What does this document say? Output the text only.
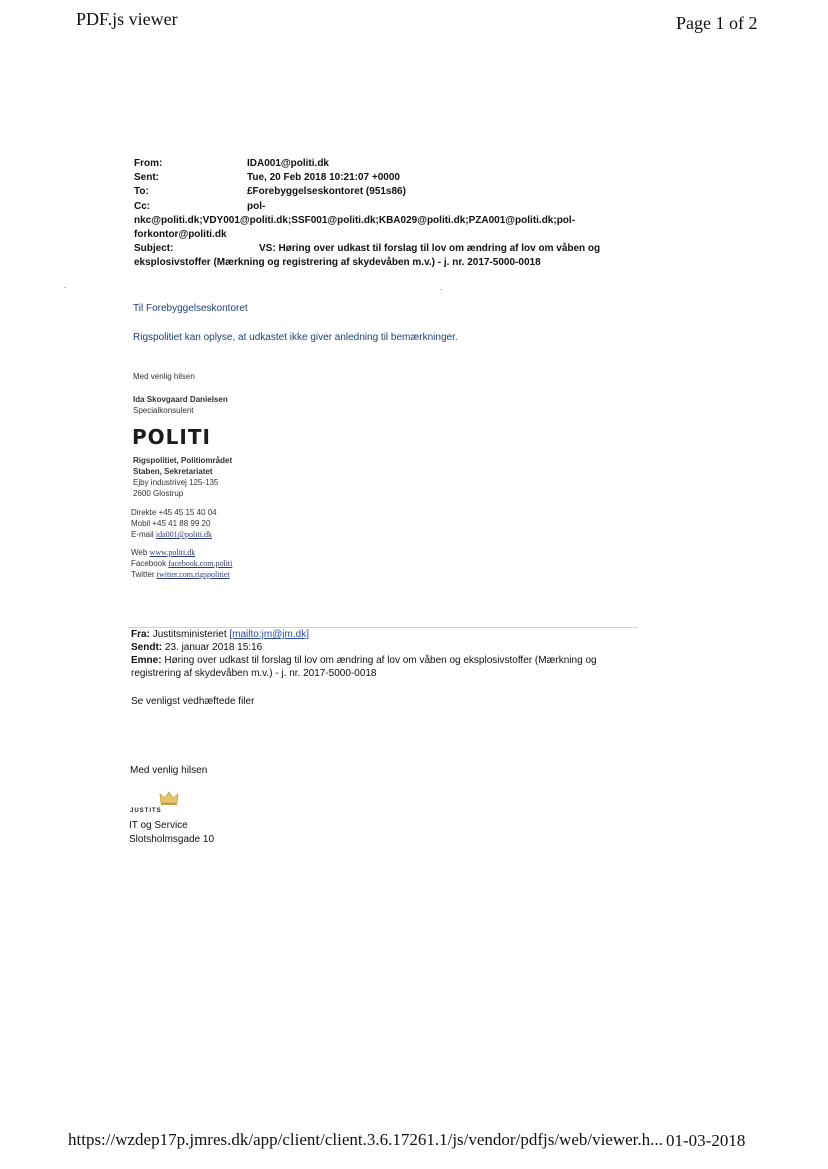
PDF.js viewer	Page 1 of 2
From:	IDA001@politi.dk
Sent:	Tue, 20 Feb 2018 10:21:07 +0000
To:	£Forebyggelseskontoret (951s86)
Cc:	pol-
nkc@politi.dk;VDY001@politi.dk;SSF001@politi.dk;KBA029@politi.dk;PZA001@politi.dk;pol-
forkontor@politi.dk
Subject:	VS: Høring over udkast til forslag til lov om ændring af lov om våben og
eksplosivstoffer (Mærkning og registrering af skydevåben m.v.) - j. nr. 2017-5000-0018
Til Forebyggelseskontoret
Rigspolitiet kan oplyse, at udkastet ikke giver anledning til bemærkninger.
Med venlig hilsen
Ida Skovgaard Danielsen
Specialkonsulent
POLITI
Rigspolitiet, Politiområdet
Staben, Sekretariatet
Ejby industrivej 125-135
2600 Glostrup
Direkte +45 45 15 40 04
Mobil +45 41 88 99 20
E-mail ida001@politi.dk
Web www.politi.dk
Facebook facebook.com.politi
Twitter twitter.com.rigspolitiet
Fra: Justitsministeriet [mailto:jm@jm.dk]
Sendt: 23. januar 2018 15:16
Emne: Høring over udkast til forslag til lov om ændring af lov om våben og eksplosivstoffer (Mærkning og
registrering af skydevåben m.v.) - j. nr. 2017-5000-0018
Se venligst vedhæftede filer
Med venlig hilsen
JUSTITS
IT og Service
Slotsholmsgade 10
https://wzdep17p.jmres.dk/app/client/client.3.6.17261.1/js/vendor/pdfjs/web/viewer.h... 01-03-2018
